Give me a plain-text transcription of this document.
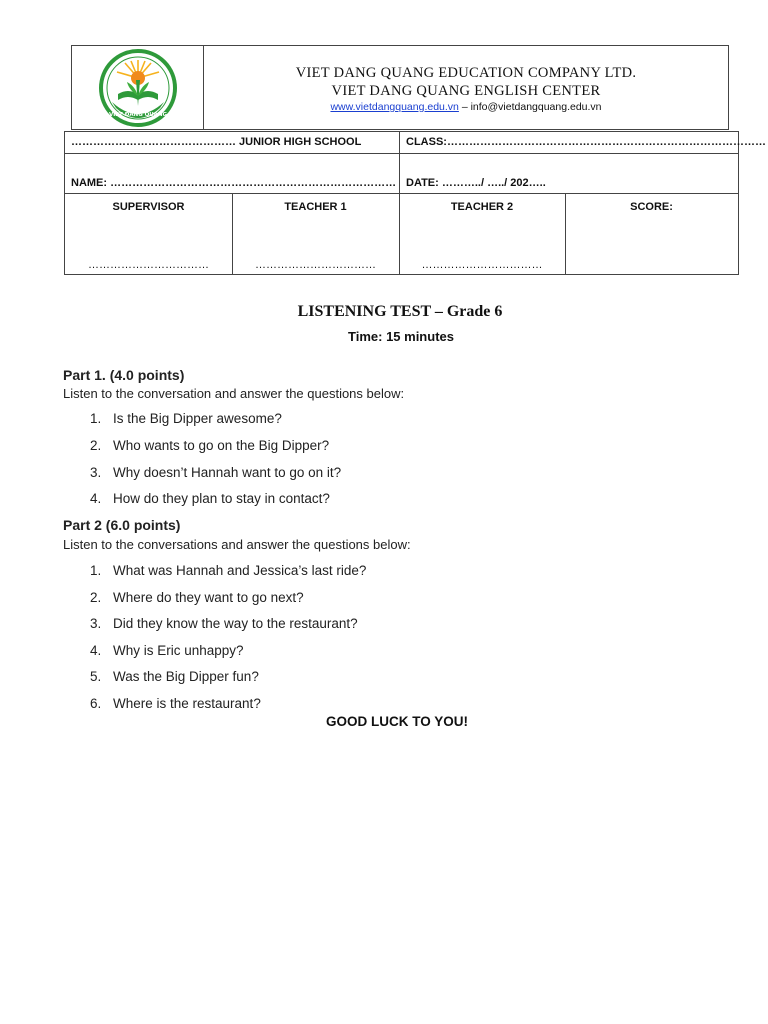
VIET ĐĂNG QUANG
VIET DANG QUANG EDUCATION COMPANY LTD.
VIET DANG QUANG ENGLISH CENTER
www.vietdangquang.edu.vn – info@vietdangquang.edu.vn
……………………………………… JUNIOR HIGH SCHOOL	CLASS:……………………………………………………………………………
NAME: …………………………………………………………………… DATE: ………../ …../ 202…..
SUPERVISOR
……………………………
TEACHER 1
……………………………
TEACHER 2
……………………………
SCORE:
LISTENING TEST – Grade 6
Time: 15 minutes
Part 1. (4.0 points)
Listen to the conversation and answer the questions below:
1. Is the Big Dipper awesome?
2. Who wants to go on the Big Dipper?
3. Why doesn’t Hannah want to go on it?
4. How do they plan to stay in contact?
Part 2 (6.0 points)
Listen to the conversations and answer the questions below:
1. What was Hannah and Jessica’s last ride?
2. Where do they want to go next?
3. Did they know the way to the restaurant?
4. Why is Eric unhappy?
5. Was the Big Dipper fun?
6. Where is the restaurant?
GOOD LUCK TO YOU!
